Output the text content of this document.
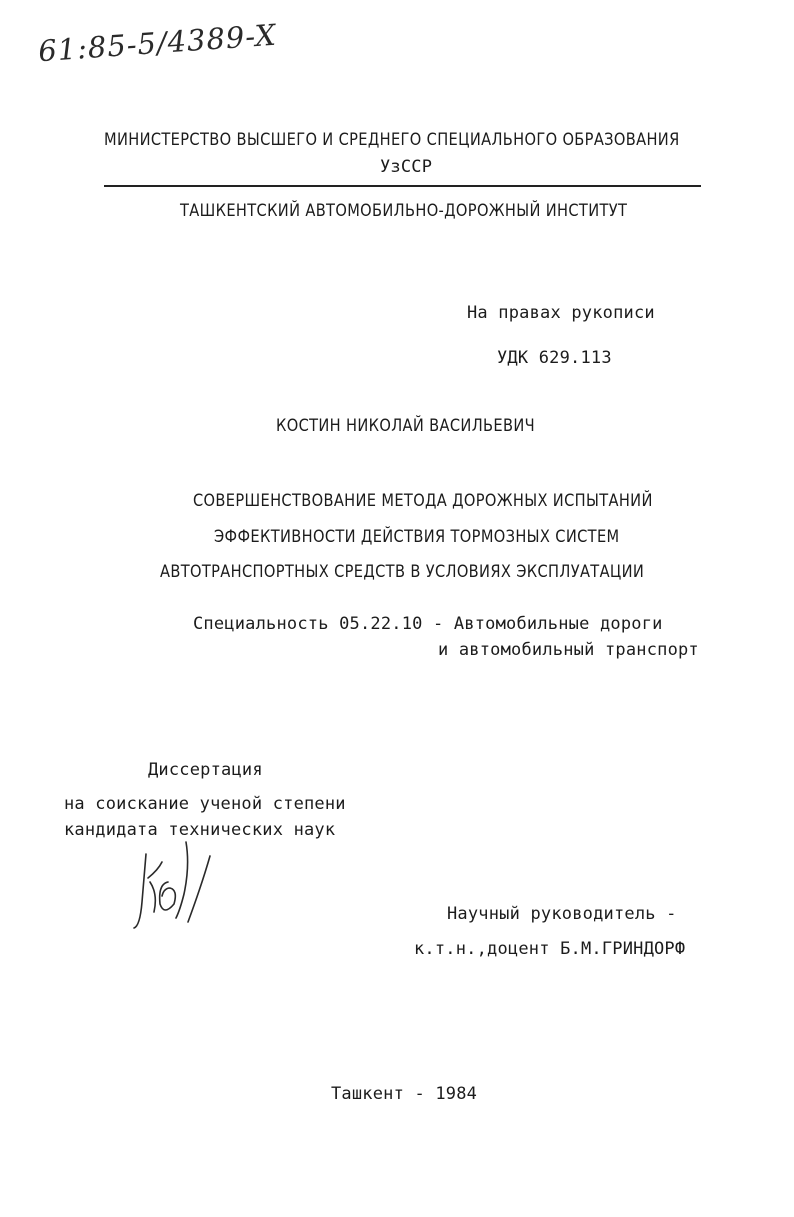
61:85-5/4389-X
МИНИСТЕРСТВО ВЫСШЕГО И СРЕДНЕГО СПЕЦИАЛЬНОГО ОБРАЗОВАНИЯ
УзССР
ТАШКЕНТСКИЙ АВТОМОБИЛЬНО-ДОРОЖНЫЙ ИНСТИТУТ
На правах рукописи
УДК 629.113
КОСТИН НИКОЛАЙ ВАСИЛЬЕВИЧ
СОВЕРШЕНСТВОВАНИЕ МЕТОДА ДОРОЖНЫХ ИСПЫТАНИЙ
ЭФФЕКТИВНОСТИ ДЕЙСТВИЯ ТОРМОЗНЫХ СИСТЕМ
АВТОТРАНСПОРТНЫХ СРЕДСТВ В УСЛОВИЯХ ЭКСПЛУАТАЦИИ
Специальность 05.22.10 - Автомобильные дороги
и автомобильный транспорт
Диссертация
на соискание ученой степени
кандидата технических наук
Научный руководитель -
к.т.н.,доцент Б.М.ГРИНДОРФ
Ташкент - 1984
